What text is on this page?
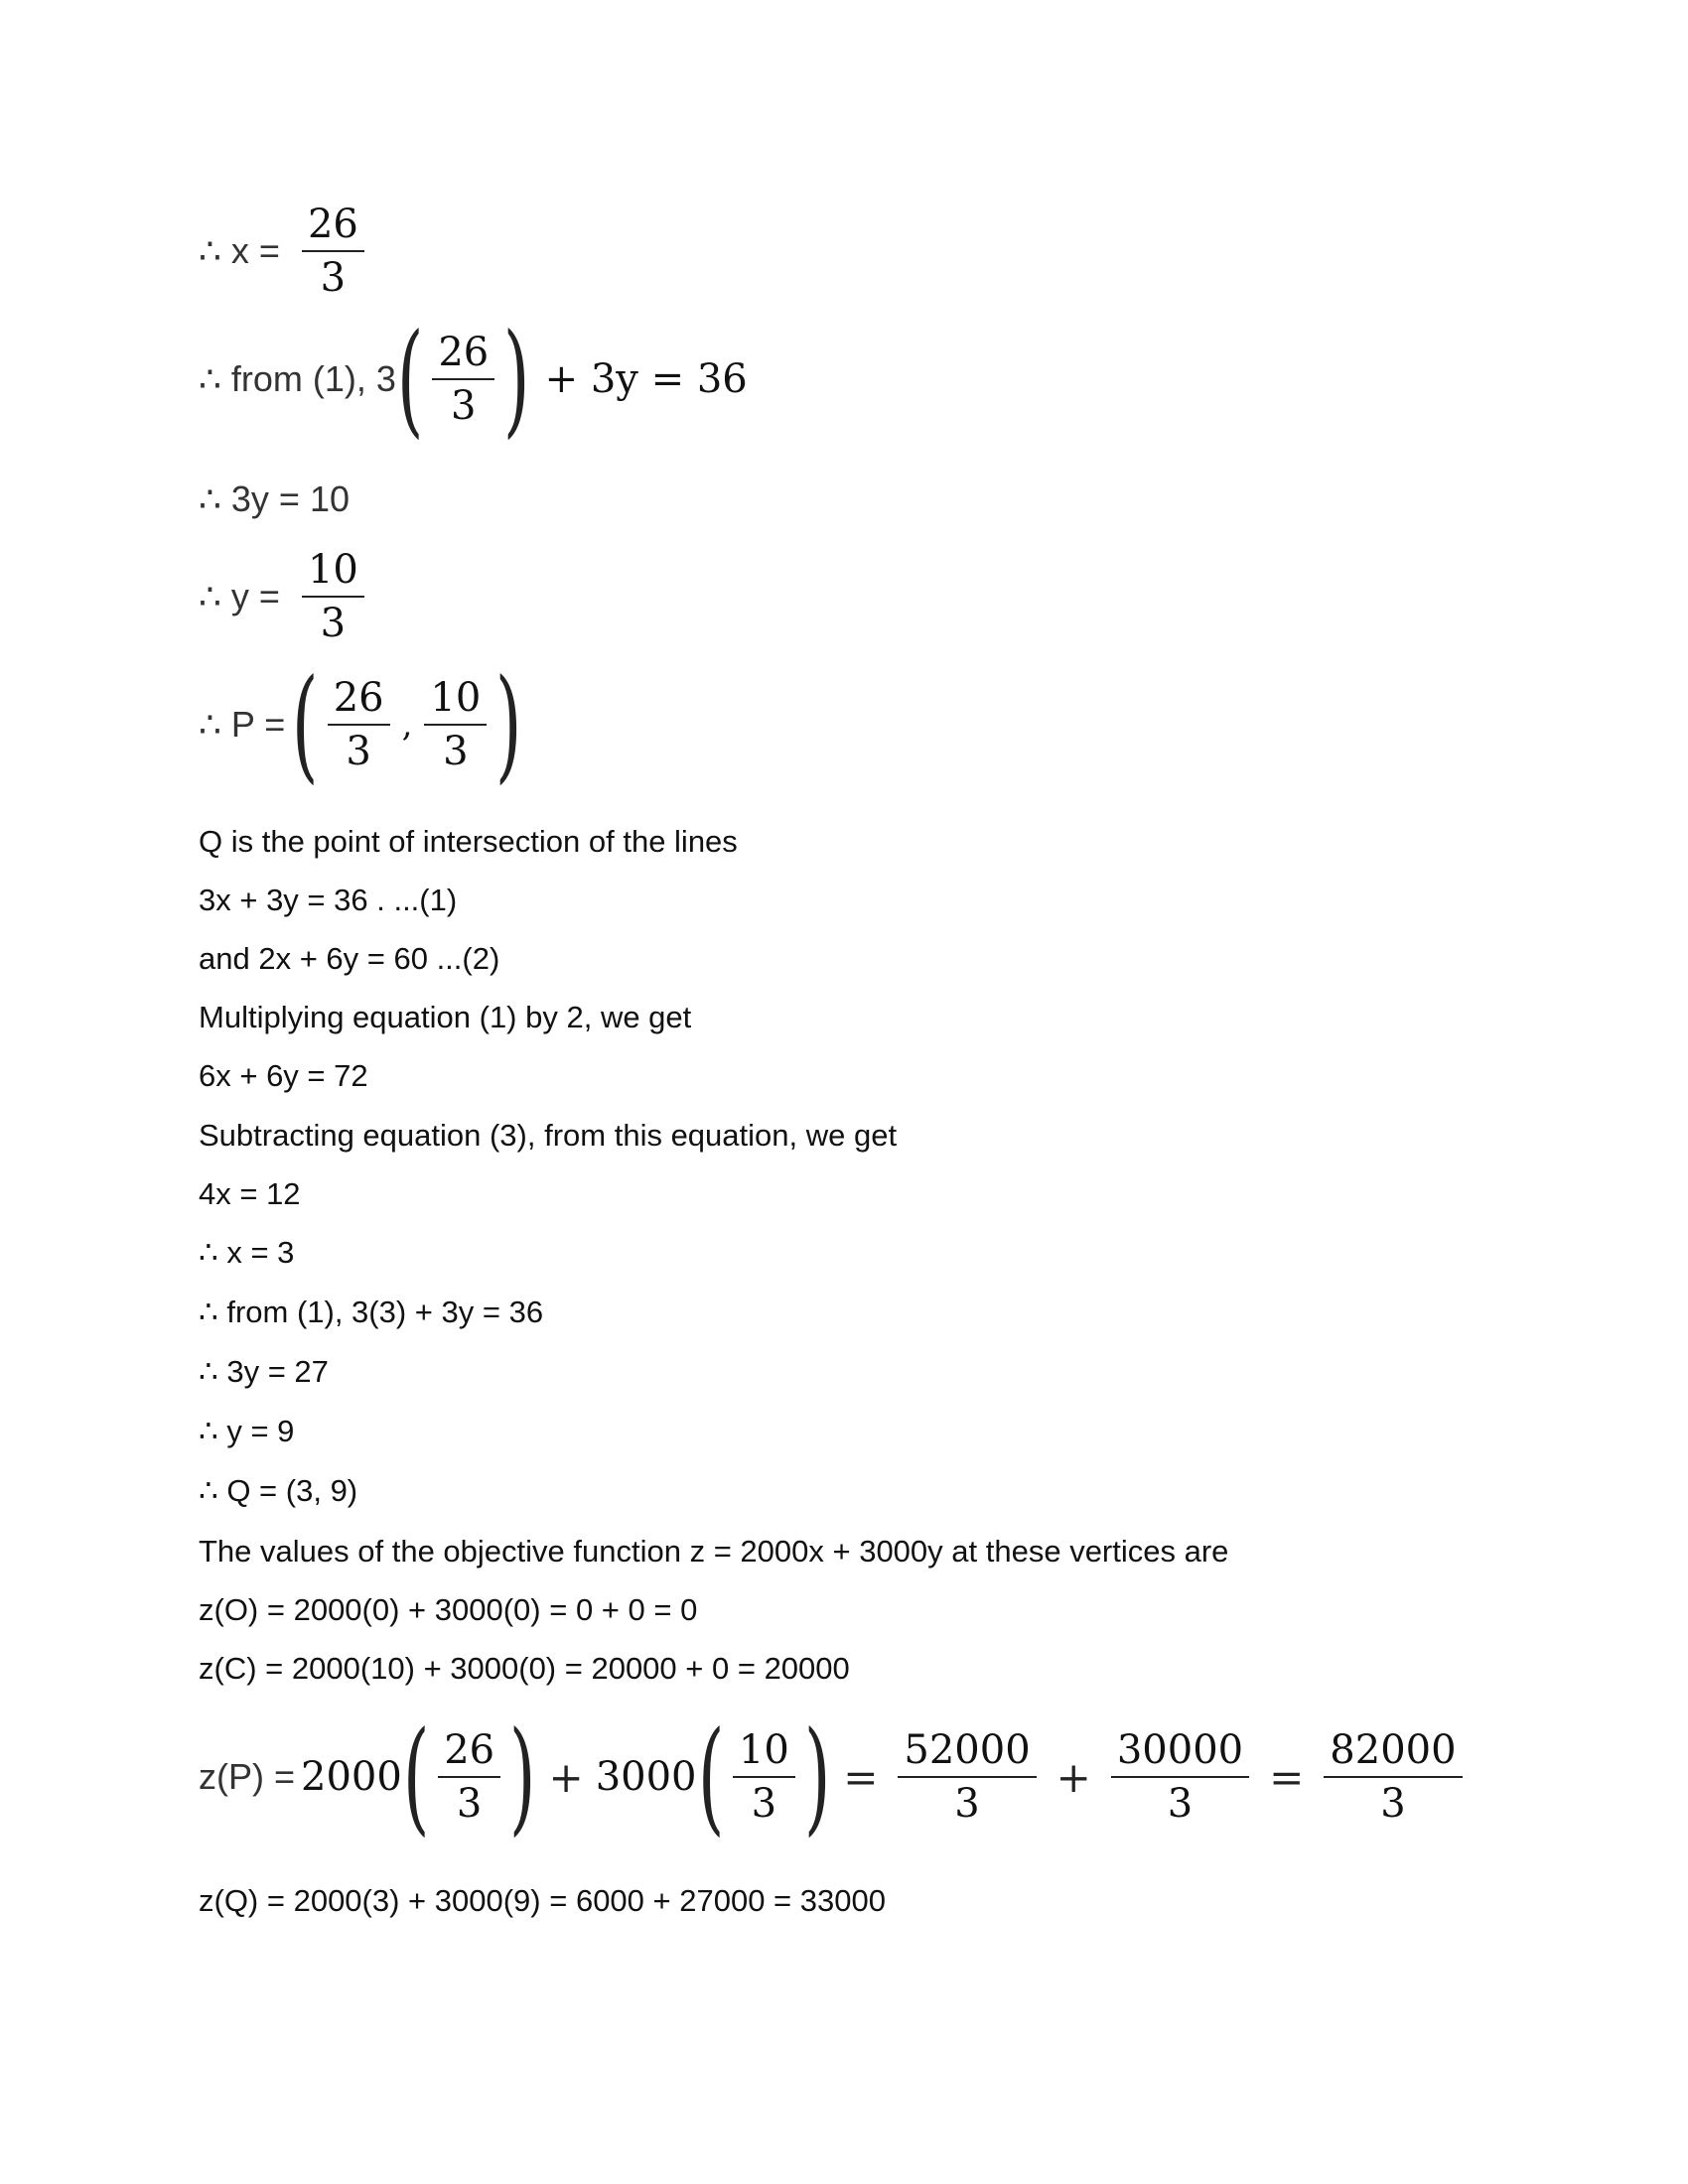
∴ $x = \frac{26}{3}$
∴ from (1), 3 ( $\frac{26}{3}$ ) + 3y = 36
∴ 3y = 10
∴ $y = \frac{10}{3}$
∴ P = ( $\frac{26}{3}$ , $\frac{10}{3}$ )
Q is the point of intersection of the lines
3x + 3y = 36 . ...(1)
and 2x + 6y = 60 ...(2)
Multiplying equation (1) by 2, we get
6x + 6y = 72
Subtracting equation (3), from this equation, we get
4x = 12
∴ x = 3
∴ from (1), 3(3) + 3y = 36
∴ 3y = 27
∴ y = 9
∴ Q = (3, 9)
The values of the objective function z = 2000x + 3000y at these vertices are
z(O) = 2000(0) + 3000(0) = 0 + 0 = 0
z(C) = 2000(10) + 3000(0) = 20000 + 0 = 20000
z(P) = 2000 ( $\frac{26}{3}$ ) + 3000 ( $\frac{10}{3}$ ) = $\frac{52000}{3} + \frac{30000}{3} = \frac{82000}{3}$
z(Q) = 2000(3) + 3000(9) = 6000 + 27000 = 33000
